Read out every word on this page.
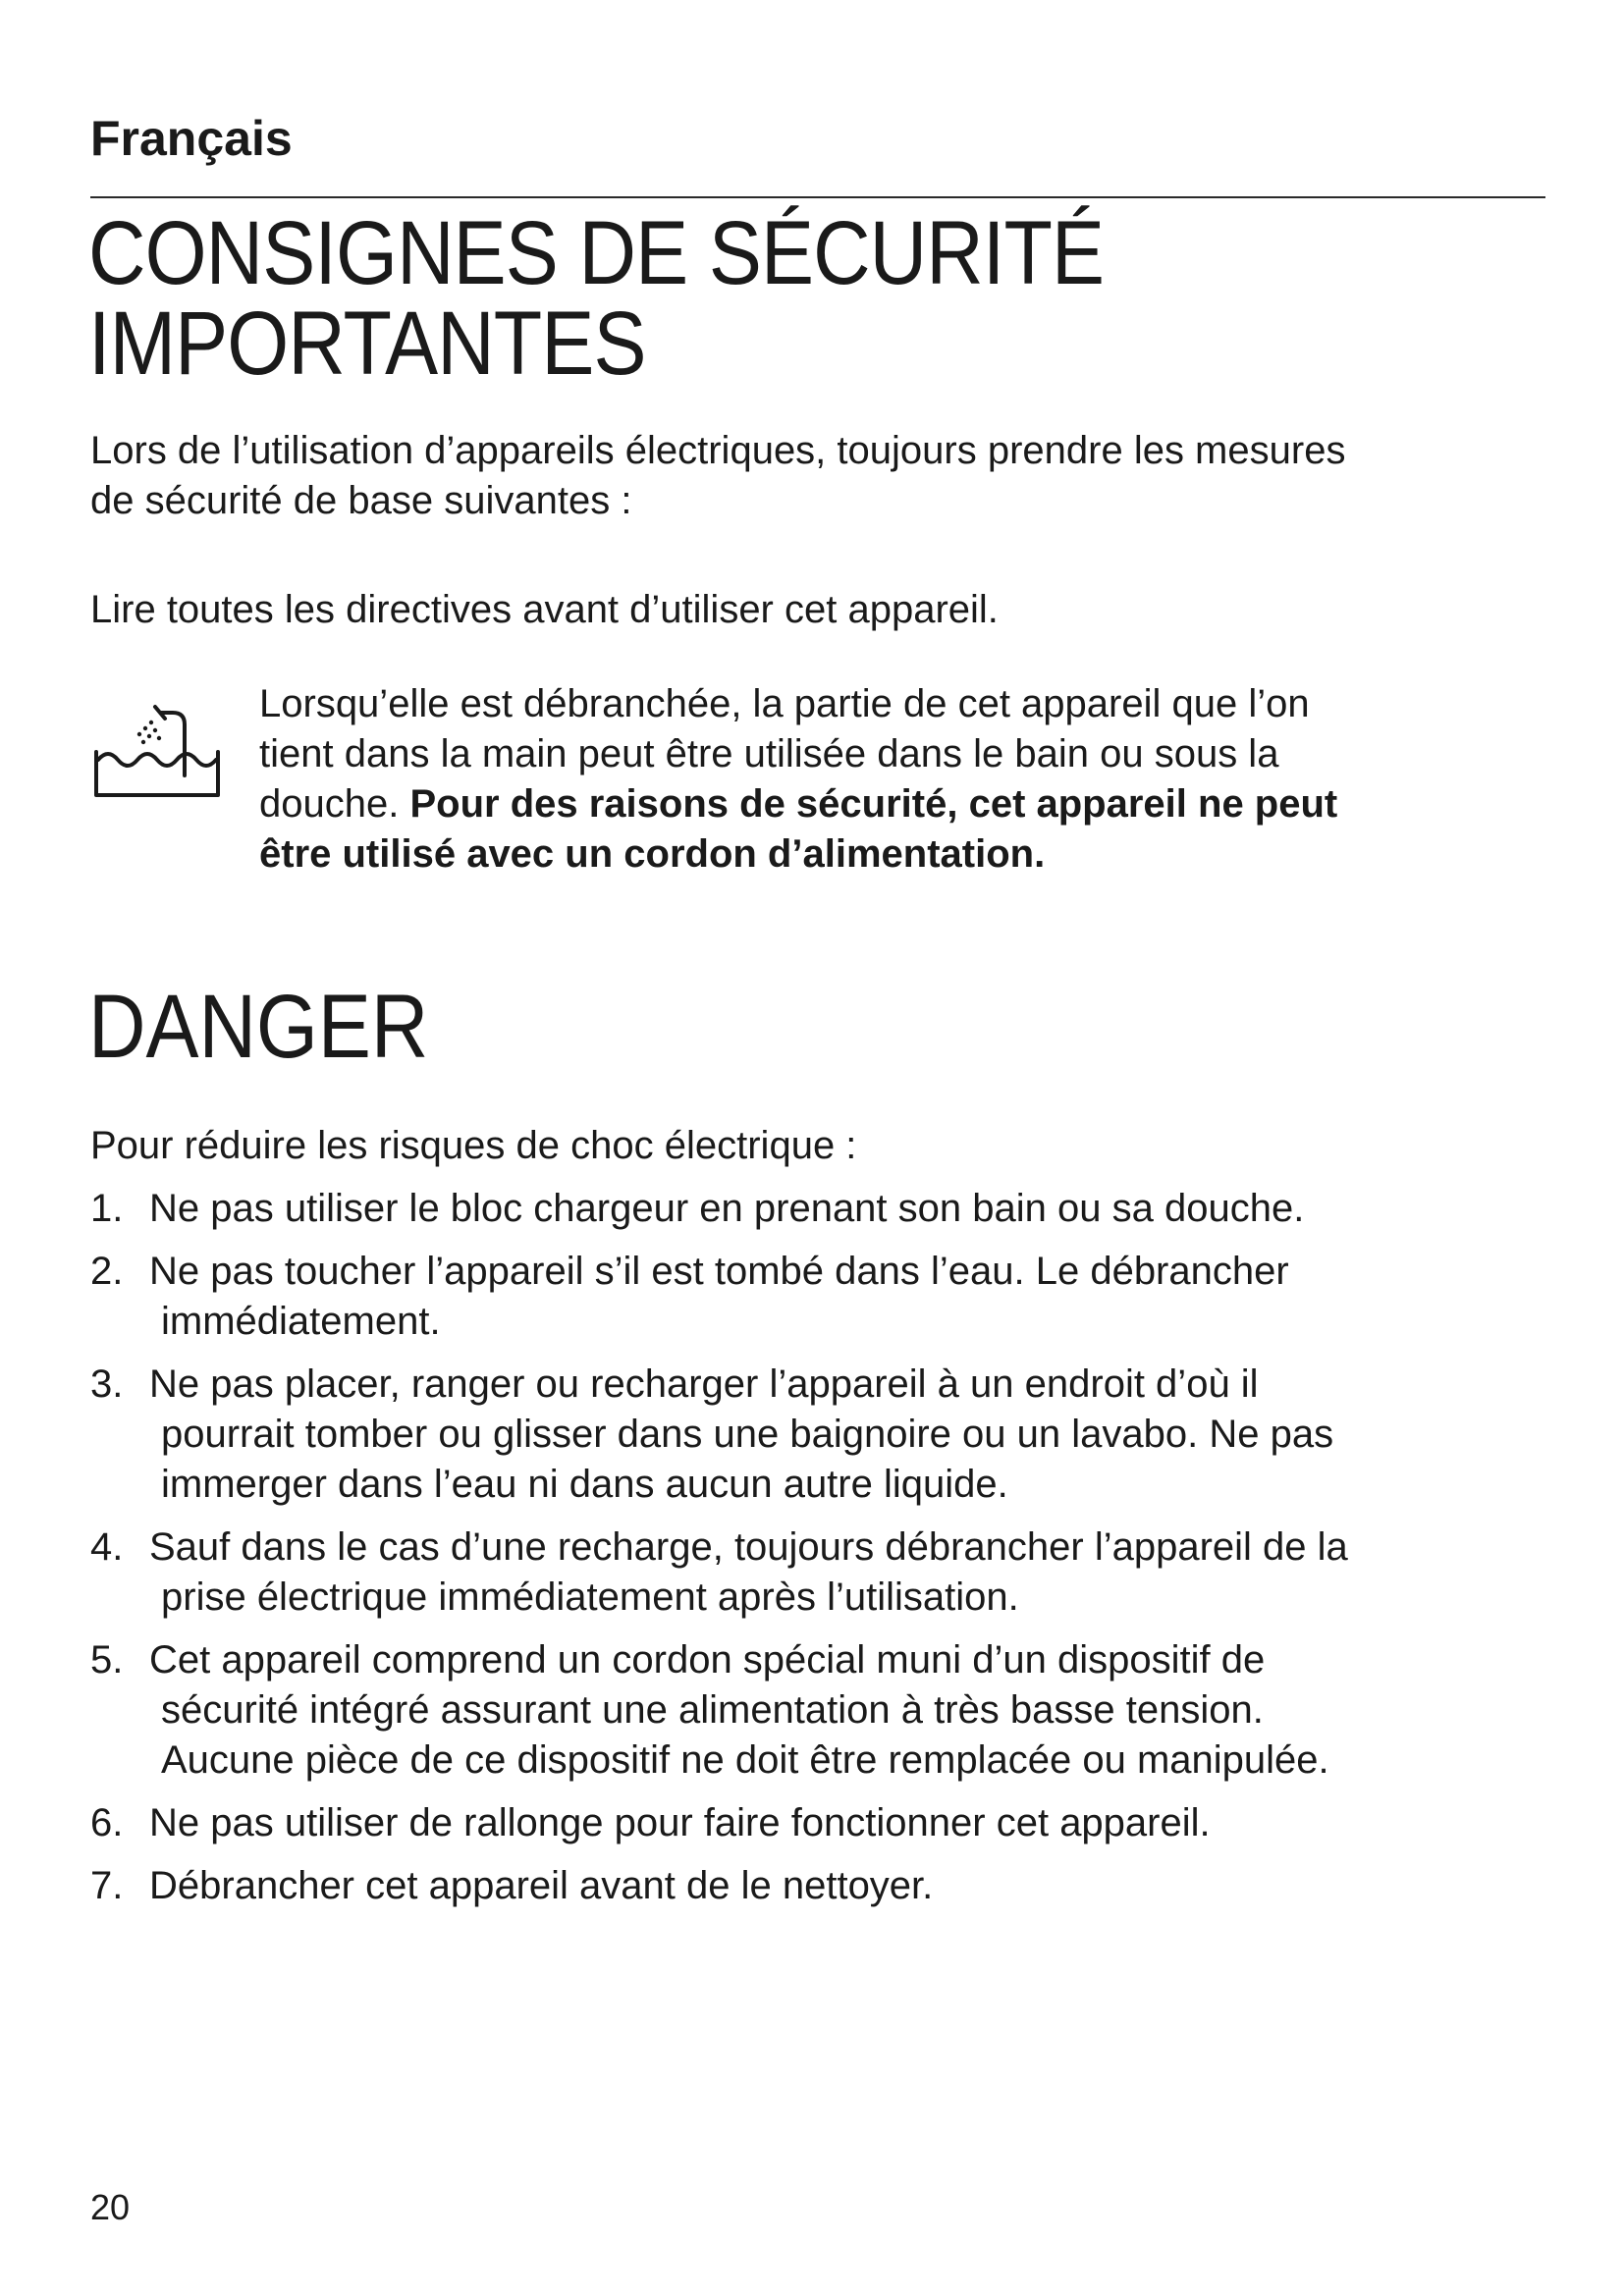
Français
CONSIGNES DE SÉCURITÉ
IMPORTANTES
Lors de l’utilisation d’appareils électriques, toujours prendre les mesures
de sécurité de base suivantes :
Lire toutes les directives avant d’utiliser cet appareil.
Lorsqu’elle est débranchée, la partie de cet appareil que l’on
tient dans la main peut être utilisée dans le bain ou sous la
douche. Pour des raisons de sécurité, cet appareil ne peut
être utilisé avec un cordon d’alimentation.
DANGER
Pour réduire les risques de choc électrique :
1. Ne pas utiliser le bloc chargeur en prenant son bain ou sa douche.
2. Ne pas toucher l’appareil s’il est tombé dans l’eau. Le débrancher
immédiatement.
3. Ne pas placer, ranger ou recharger l’appareil à un endroit d’où il
pourrait tomber ou glisser dans une baignoire ou un lavabo. Ne pas
immerger dans l’eau ni dans aucun autre liquide.
4. Sauf dans le cas d’une recharge, toujours débrancher l’appareil de la
prise électrique immédiatement après l’utilisation.
5. Cet appareil comprend un cordon spécial muni d’un dispositif de
sécurité intégré assurant une alimentation à très basse tension.
Aucune pièce de ce dispositif ne doit être remplacée ou manipulée.
6. Ne pas utiliser de rallonge pour faire fonctionner cet appareil.
7. Débrancher cet appareil avant de le nettoyer.
20
